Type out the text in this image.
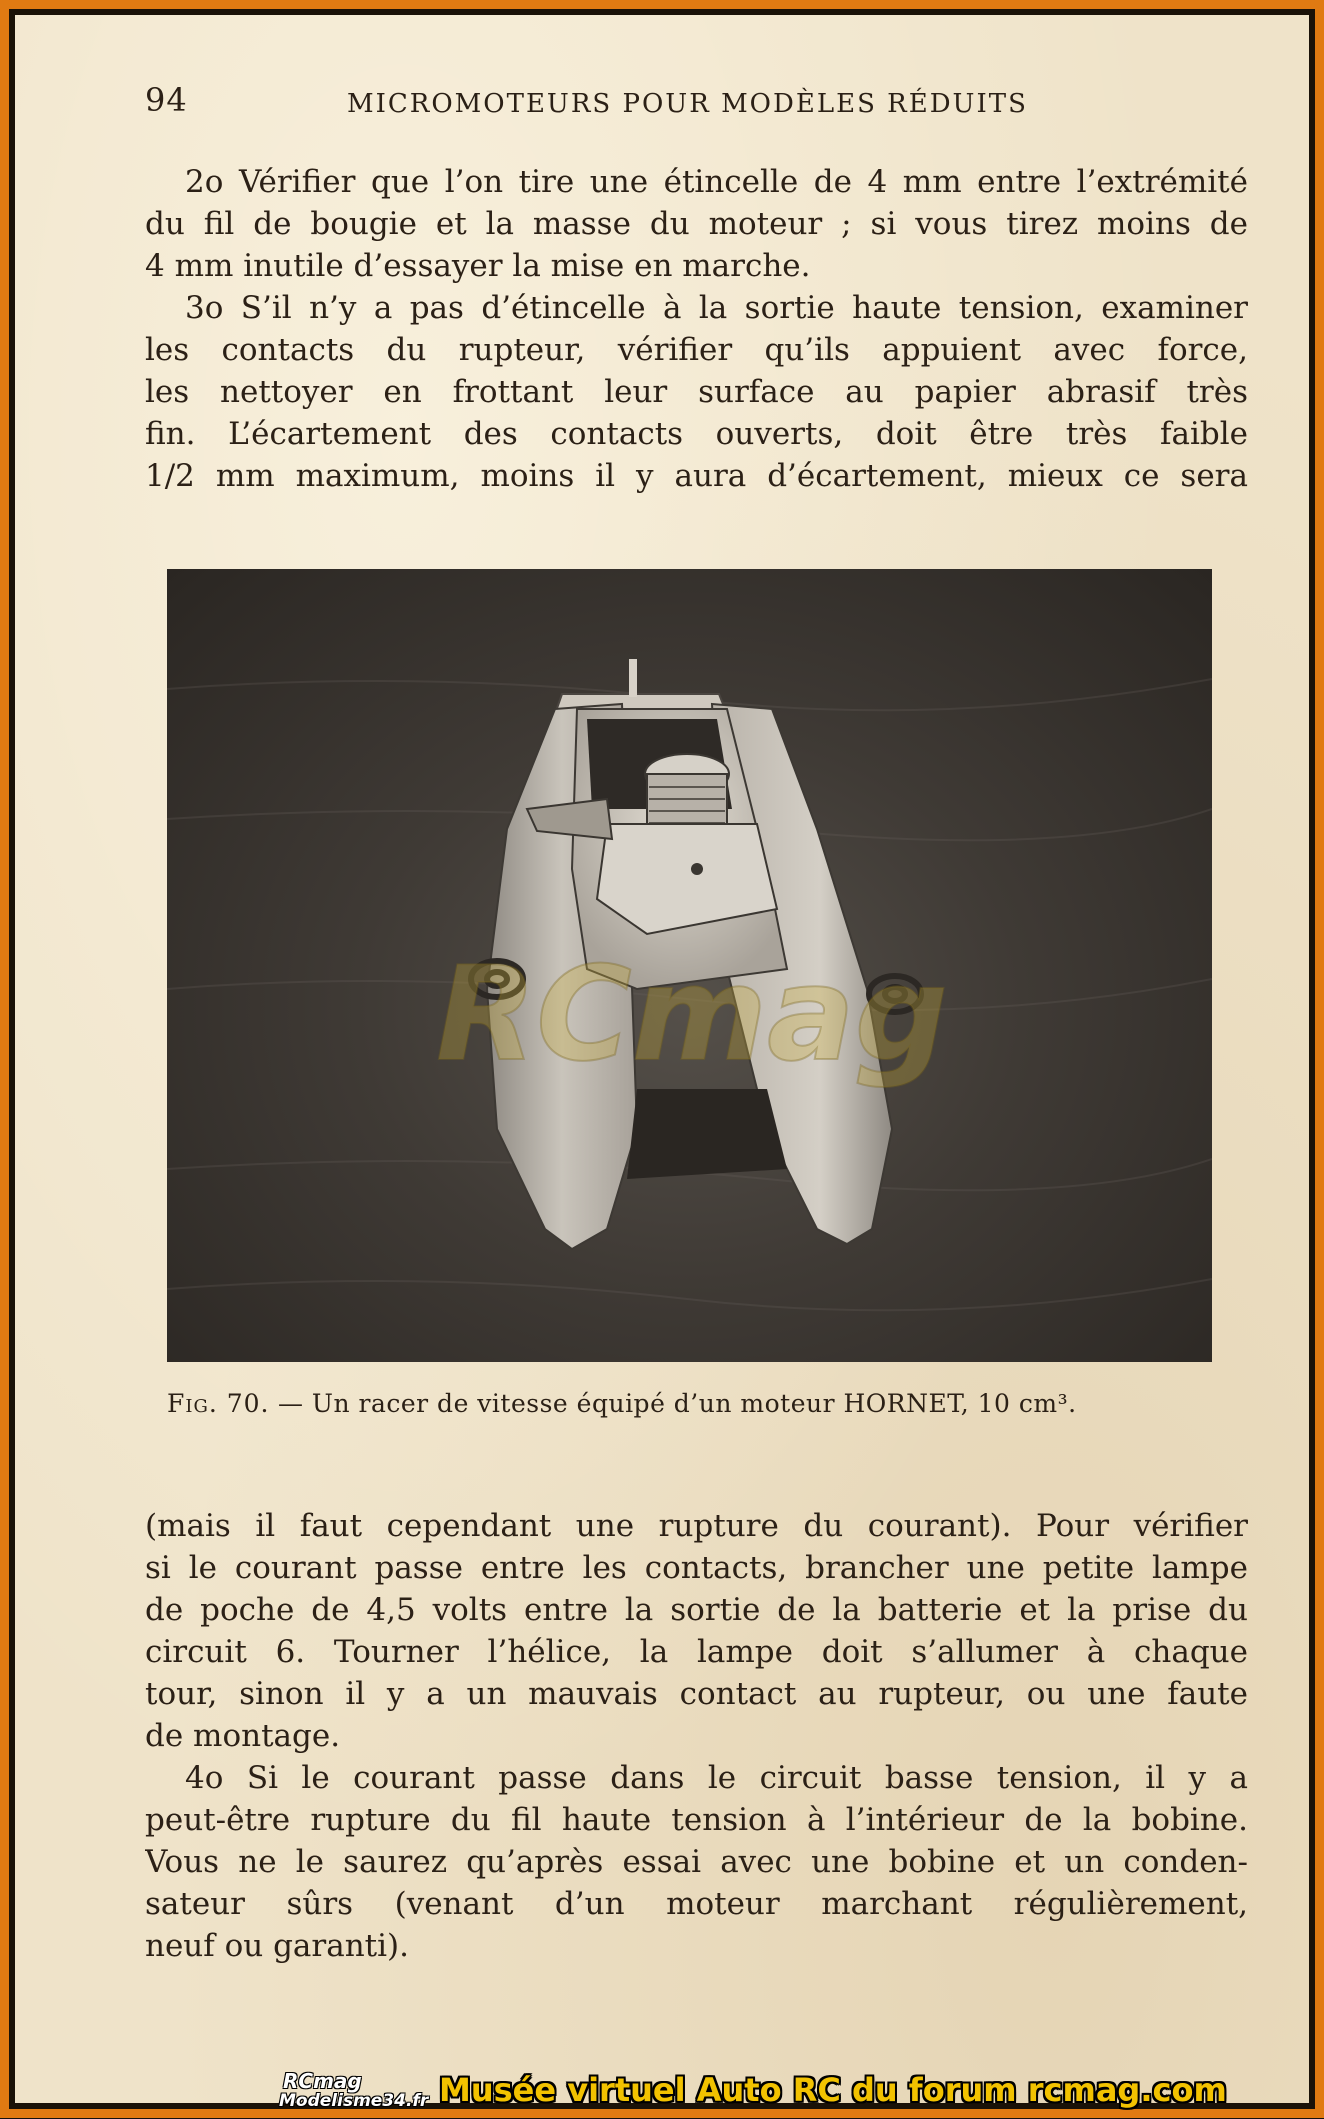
94	MICROMOTEURS POUR MODÈLES RÉDUITS
2o Vérifier que l’on tire une étincelle de 4 mm entre l’extrémité
du fil de bougie et la masse du moteur ; si vous tirez moins de
4 mm inutile d’essayer la mise en marche.
3o S’il n’y a pas d’étincelle à la sortie haute tension, examiner
les contacts du rupteur, vérifier qu’ils appuient avec force,
les nettoyer en frottant leur surface au papier abrasif très
fin. L’écartement des contacts ouverts, doit être très faible
1/2 mm maximum, moins il y aura d’écartement, mieux ce sera
RCmag
Fig. 70. — Un racer de vitesse équipé d’un moteur HORNET, 10 cm³.
(mais il faut cependant une rupture du courant). Pour vérifier
si le courant passe entre les contacts, brancher une petite lampe
de poche de 4,5 volts entre la sortie de la batterie et la prise du
circuit 6. Tourner l’hélice, la lampe doit s’allumer à chaque
tour, sinon il y a un mauvais contact au rupteur, ou une faute
de montage.
4o Si le courant passe dans le circuit basse tension, il y a
peut-être rupture du fil haute tension à l’intérieur de la bobine.
Vous ne le saurez qu’après essai avec une bobine et un conden-
sateur sûrs (venant d’un moteur marchant régulièrement,
neuf ou garanti).
RCmag
Modelisme34.fr Musée virtuel Auto RC du forum rcmag.com
